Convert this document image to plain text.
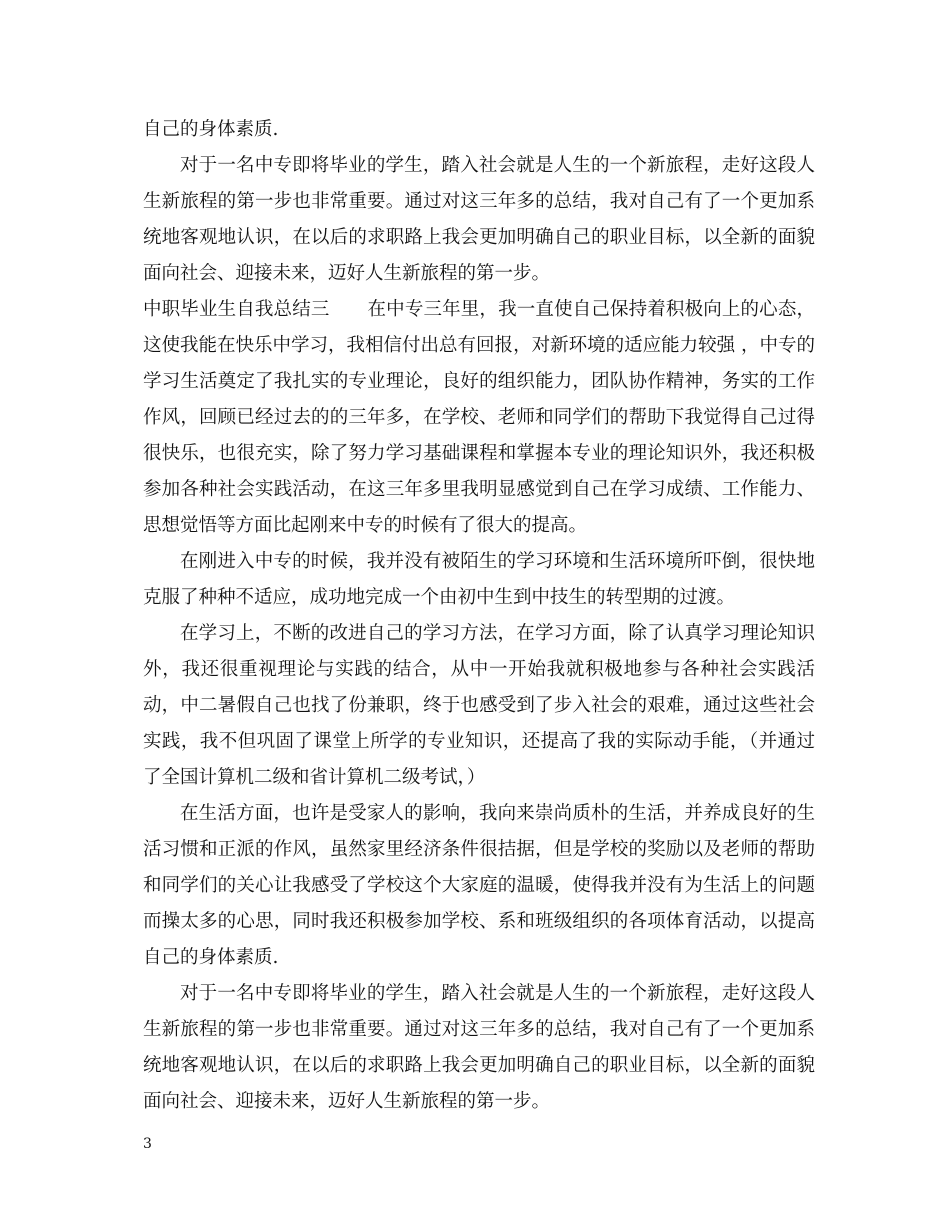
自己的身体素质.

对于一名中专即将毕业的学生，踏入社会就是人生的一个新旅程，走好这段人生新旅程的第一步也非常重要。通过对这三年多的总结，我对自己有了一个更加系统地客观地认识，在以后的求职路上我会更加明确自己的职业目标，以全新的面貌面向社会、迎接未来，迈好人生新旅程的第一步。

中职毕业生自我总结三 在中专三年里，我一直使自己保持着积极向上的心态，这使我能在快乐中学习，我相信付出总有回报，对新环境的适应能力较强 ，中专的学习生活奠定了我扎实的专业理论，良好的组织能力，团队协作精神，务实的工作作风，回顾已经过去的的三年多，在学校、老师和同学们的帮助下我觉得自己过得很快乐，也很充实，除了努力学习基础课程和掌握本专业的理论知识外，我还积极参加各种社会实践活动，在这三年多里我明显感觉到自己在学习成绩、工作能力、思想觉悟等方面比起刚来中专的时候有了很大的提高。

在刚进入中专的时候，我并没有被陌生的学习环境和生活环境所吓倒，很快地克服了种种不适应，成功地完成一个由初中生到中技生的转型期的过渡。

在学习上，不断的改进自己的学习方法，在学习方面，除了认真学习理论知识外，我还很重视理论与实践的结合，从中一开始我就积极地参与各种社会实践活动，中二暑假自己也找了份兼职，终于也感受到了步入社会的艰难，通过这些社会实践，我不但巩固了课堂上所学的专业知识，还提高了我的实际动手能，（并通过了全国计算机二级和省计算机二级考试，）

在生活方面，也许是受家人的影响，我向来崇尚质朴的生活，并养成良好的生活习惯和正派的作风，虽然家里经济条件很拮据，但是学校的奖励以及老师的帮助和同学们的关心让我感受了学校这个大家庭的温暖，使得我并没有为生活上的问题而操太多的心思，同时我还积极参加学校、系和班级组织的各项体育活动，以提高自己的身体素质.

对于一名中专即将毕业的学生，踏入社会就是人生的一个新旅程，走好这段人生新旅程的第一步也非常重要。通过对这三年多的总结，我对自己有了一个更加系统地客观地认识，在以后的求职路上我会更加明确自己的职业目标，以全新的面貌面向社会、迎接未来，迈好人生新旅程的第一步。

3
